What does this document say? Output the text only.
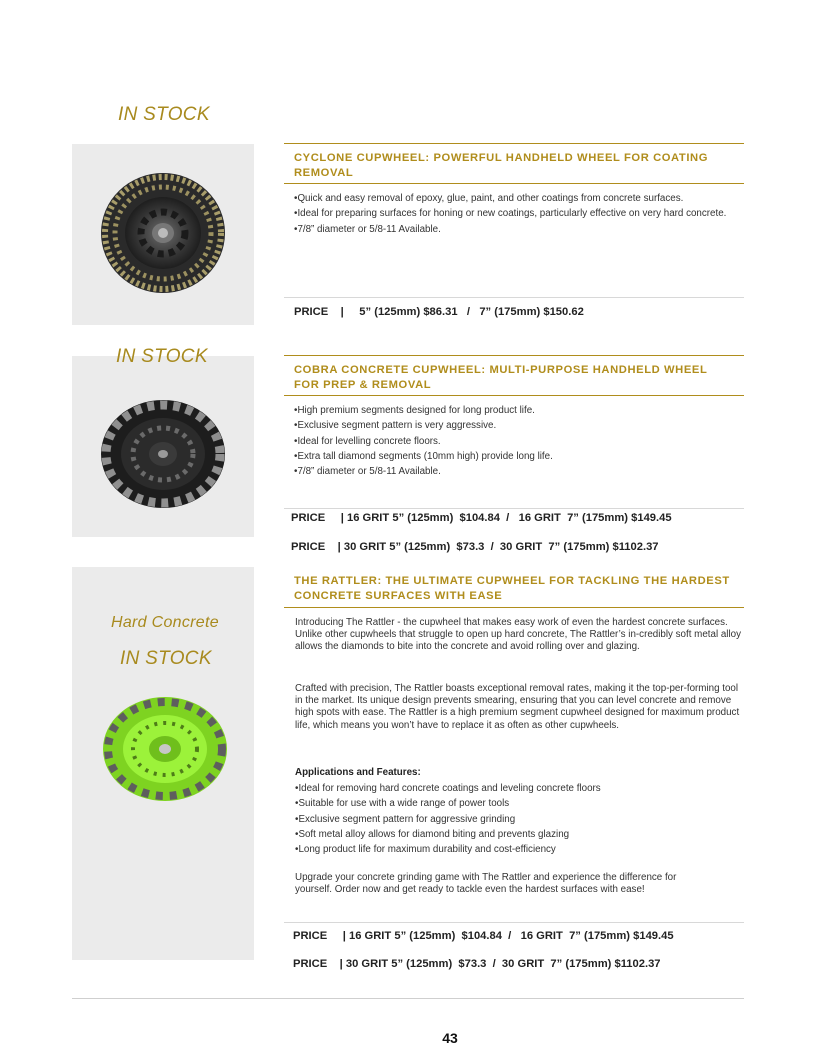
IN STOCK
CYCLONE CUPWHEEL: POWERFUL HANDHELD WHEEL FOR COATING REMOVAL
• Quick and easy removal of epoxy, glue, paint, and other coatings from concrete surfaces.
• Ideal for preparing surfaces for honing or new coatings, particularly effective on very hard concrete.
• 7/8” diameter or 5/8-11 Available.
PRICE    |     5” (125mm) $86.31   /   7” (175mm) $150.62
IN STOCK
COBRA CONCRETE CUPWHEEL: MULTI-PURPOSE HANDHELD WHEEL FOR PREP & REMOVAL
• High premium segments designed for long product life.
• Exclusive segment pattern is very aggressive.
• Ideal for levelling concrete floors.
• Extra tall diamond segments (10mm high) provide long life.
• 7/8” diameter or 5/8-11 Available.
PRICE     | 16 GRIT 5” (125mm)  $104.84  /   16 GRIT  7” (175mm) $149.45
PRICE    | 30 GRIT 5” (125mm)  $73.3  /  30 GRIT  7” (175mm) $1102.37
Hard Concrete
IN STOCK
THE RATTLER: THE ULTIMATE CUPWHEEL FOR TACKLING THE HARDEST CONCRETE SURFACES WITH EASE

Introducing The Rattler - the cupwheel that makes easy work of even the hardest concrete surfaces. Unlike other cupwheels that struggle to open up hard concrete, The Rattler’s in-credibly soft metal alloy allows the diamonds to bite into the concrete and avoid rolling over and glazing.

Crafted with precision, The Rattler boasts exceptional removal rates, making it the top-per-forming tool in the market. Its unique design prevents smearing, ensuring that you can level concrete and remove high spots with ease. The Rattler is a high premium segment cupwheel designed for maximum product life, which means you won’t have to replace it as often as other cupwheels.

Applications and Features:
• Ideal for removing hard concrete coatings and leveling concrete floors
• Suitable for use with a wide range of power tools
• Exclusive segment pattern for aggressive grinding
• Soft metal alloy allows for diamond biting and prevents glazing
• Long product life for maximum durability and cost-efficiency

Upgrade your concrete grinding game with The Rattler and experience the difference for yourself. Order now and get ready to tackle even the hardest surfaces with ease!

PRICE     | 16 GRIT 5” (125mm)  $104.84  /   16 GRIT  7” (175mm) $149.45
PRICE    | 30 GRIT 5” (125mm)  $73.3  /  30 GRIT  7” (175mm) $1102.37
43
